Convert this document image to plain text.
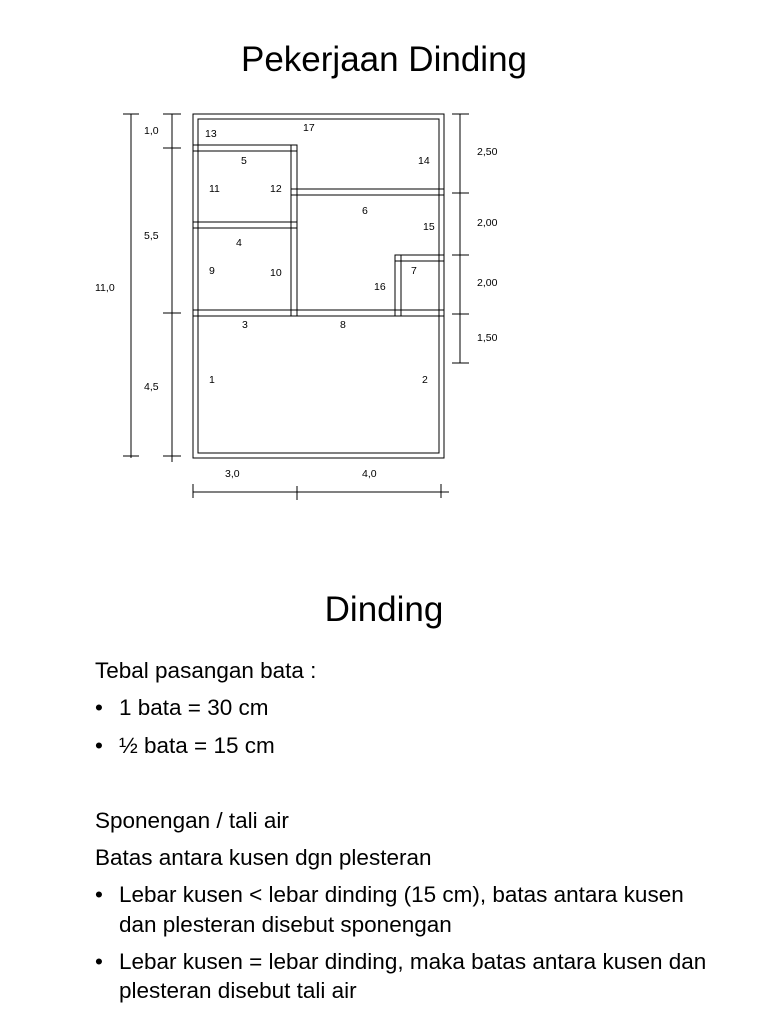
Pekerjaan Dinding
13	17
5	14
11	12
6
15
4
9	10	7
16
3	8
1	2
11,0
1,0
5,5
4,5
2,50
2,00
2,00
1,50
3,0	4,0
Dinding

Tebal pasangan bata :

• 1 bata = 30 cm
• ½ bata = 15 cm

Sponengan / tali air

Batas antara kusen dgn plesteran

• Lebar kusen < lebar dinding (15 cm), batas antara kusen dan plesteran disebut sponengan
• Lebar kusen = lebar dinding, maka batas antara kusen dan plesteran disebut tali air
